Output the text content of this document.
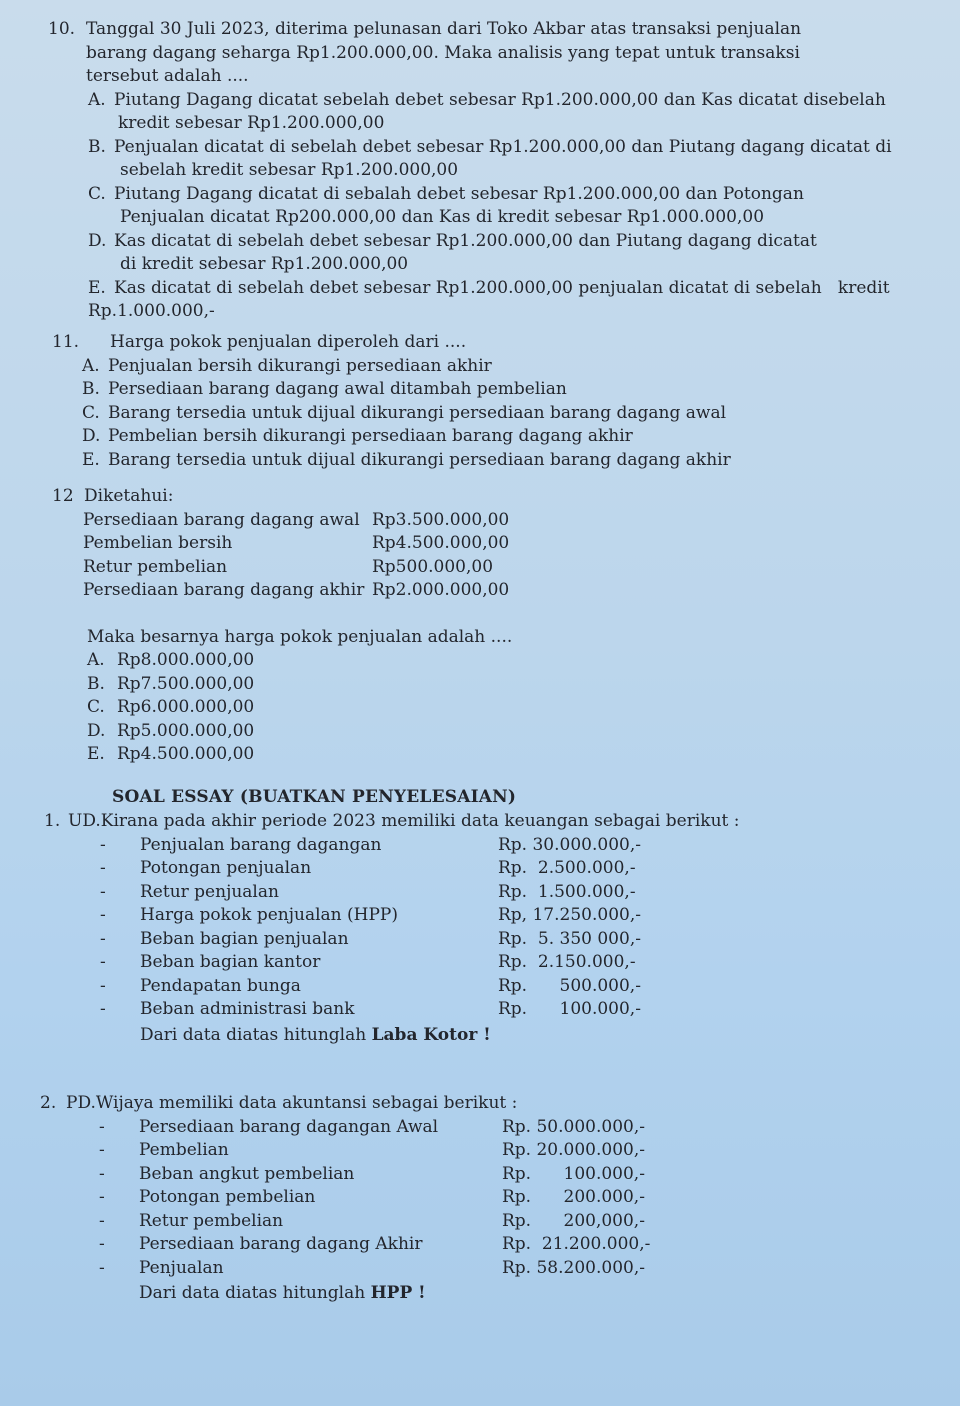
10. Tanggal 30 Juli 2023, diterima pelunasan dari Toko Akbar atas transaksi penjualan
barang dagang seharga Rp1.200.000,00. Maka analisis yang tepat untuk transaksi
tersebut adalah ....
A. Piutang Dagang dicatat sebelah debet sebesar Rp1.200.000,00 dan Kas dicatat disebelah
kredit sebesar Rp1.200.000,00
B. Penjualan dicatat di sebelah debet sebesar Rp1.200.000,00 dan Piutang dagang dicatat di
sebelah kredit sebesar Rp1.200.000,00
C. Piutang Dagang dicatat di sebalah debet sebesar Rp1.200.000,00 dan Potongan
Penjualan dicatat Rp200.000,00 dan Kas di kredit sebesar Rp1.000.000,00
D. Kas dicatat di sebelah debet sebesar Rp1.200.000,00 dan Piutang dagang dicatat
di kredit sebesar Rp1.200.000,00
E. Kas dicatat di sebelah debet sebesar Rp1.200.000,00 penjualan dicatat di sebelah   kredit
Rp.1.000.000,-
11.	Harga pokok penjualan diperoleh dari ....
A. Penjualan bersih dikurangi persediaan akhir
B. Persediaan barang dagang awal ditambah pembelian
C. Barang tersedia untuk dijual dikurangi persediaan barang dagang awal
D. Pembelian bersih dikurangi persediaan barang dagang akhir
E. Barang tersedia untuk dijual dikurangi persediaan barang dagang akhir
12 Diketahui:
Persediaan barang dagang awal Rp3.500.000,00
Pembelian bersih	Rp4.500.000,00
Retur pembelian	Rp500.000,00
Persediaan barang dagang akhir Rp2.000.000,00
Maka besarnya harga pokok penjualan adalah ....
A. Rp8.000.000,00
B. Rp7.500.000,00
C. Rp6.000.000,00
D. Rp5.000.000,00
E. Rp4.500.000,00
SOAL ESSAY (BUATKAN PENYELESAIAN)
1. UD.Kirana pada akhir periode 2023 memiliki data keuangan sebagai berikut :
-	Penjualan barang dagangan	Rp. 30.000.000,-
-	Potongan penjualan	Rp.  2.500.000,-
-	Retur penjualan	Rp.  1.500.000,-
-	Harga pokok penjualan (HPP)	Rp, 17.250.000,-
-	Beban bagian penjualan	Rp.  5. 350 000,-
-	Beban bagian kantor	Rp.  2.150.000,-
-	Pendapatan bunga	Rp.      500.000,-
-	Beban administrasi bank	Rp.      100.000,-
Dari data diatas hitunglah Laba Kotor !
2. PD.Wijaya memiliki data akuntansi sebagai berikut :
-	Persediaan barang dagangan Awal	Rp. 50.000.000,-
-	Pembelian	Rp. 20.000.000,-
-	Beban angkut pembelian	Rp.      100.000,-
-	Potongan pembelian	Rp.      200.000,-
-	Retur pembelian	Rp.      200,000,-
-	Persediaan barang dagang Akhir	Rp.  21.200.000,-
-	Penjualan	Rp. 58.200.000,-
Dari data diatas hitunglah HPP !
